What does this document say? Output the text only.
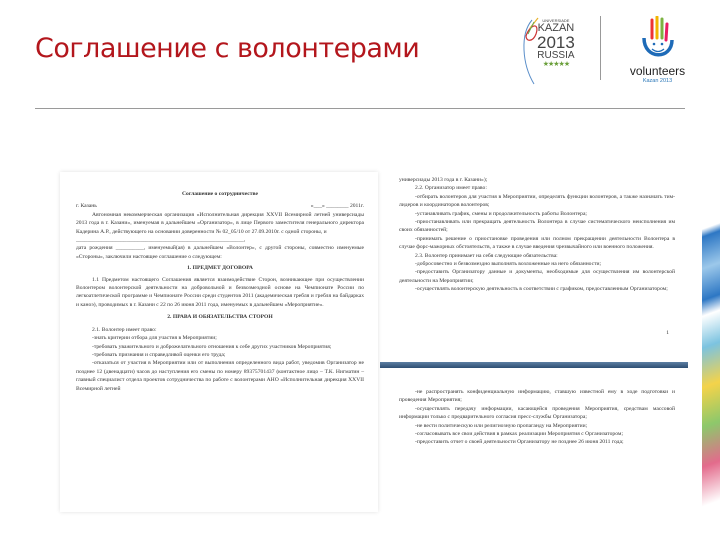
Соглашение с волонтерами
UNIVERSIADE
KAZAN
2013
RUSSIA
★★★★★	volunteers
Kazan 2013
Соглашение о сотрудничестве
г. Казань	«___» ________ 2011г.

Автономная некоммерческая организация «Исполнительная дирекция XXVII Всемирной летней универсиады 2013 года в г. Казани», именуемая в дальнейшем «Организатор», в лице Первого заместителя генерального директора Кадерина А.Р., действующего на основании доверенности № 02_05/10 от 27.09.2010г. с одной стороны, и

____________________________________________________________,

дата рождения __________, именуемый(ая) в дальнейшем «Волонтер», с другой стороны, совместно именуемые «Стороны», заключили настоящее соглашение о следующем:

1. ПРЕДМЕТ ДОГОВОРА

1.1 Предметом настоящего Соглашения является взаимодействие Сторон, возникающее при осуществлении Волонтером волонтерской деятельности на добровольной и безвозмездной основе на Чемпионате России по легкоатлетической программе и Чемпионате России среди студентов 2011 (академическая гребля и гребля на байдарках и каноэ), проводимых в г. Казани с 22 по 26 июня 2011 года, именуемых в дальнейшем «Мероприятие».

2. ПРАВА И ОБЯЗАТЕЛЬСТВА СТОРОН

2.1. Волонтер имеет право:

-знать критерии отбора для участия в Мероприятии;

-требовать уважительного и доброжелательного отношения к себе других участников Мероприятия;

-требовать признания и справедливой оценки его труда;

-отказаться от участия в Мероприятии или от выполнения определенного вида работ, уведомив Организатор не позднее 12 (двенадцати) часов до наступления его смены по номеру 89375701437 (контактное лицо – Т.К. Нигматин – главный специалист отдела проектов сотрудничества по работе с волонтерами АНО «Исполнительная дирекция XXVII Всемирной летней

универсиады 2013 года в г. Казани»);

2.2. Организатор имеет право:

-отбирать волонтеров для участия в Мероприятии, определять функции волонтеров, а также назначать тим-лидеров и координаторов волонтеров;

-устанавливать график, смены и продолжительность работы Волонтера;

-приостанавливать или прекращать деятельность Волонтера в случае систематического неисполнения им своих обязанностей;

-принимать решение о приостановке проведения или полном прекращении деятельности Волонтера в случае форс-мажорных обстоятельств, а также в случае введения чрезвычайного или военного положения.

2.3. Волонтер принимает на себя следующие обязательства:

-добросовестно и безвозмездно выполнять возложенные на него обязанности;

-предоставить Организатору данные и документы, необходимые для осуществления им волонтерской деятельности на Мероприятии;

-осуществлять волонтерскую деятельность в соответствии с графиком, предоставленным Организатором;

1

-не распространять конфиденциальную информацию, ставшую известной ему в ходе подготовки и проведения Мероприятия;

-осуществлять передачу информации, касающейся проведения Мероприятия, средствам массовой информации только с предварительного согласия пресс-службы Организатора;

-не вести политическую или религиозную пропаганду на Мероприятии;

-согласовывать все свои действия в рамках реализации Мероприятия с Организатором;

-предоставить отчет о своей деятельности Организатору не позднее 26 июня 2011 года;
